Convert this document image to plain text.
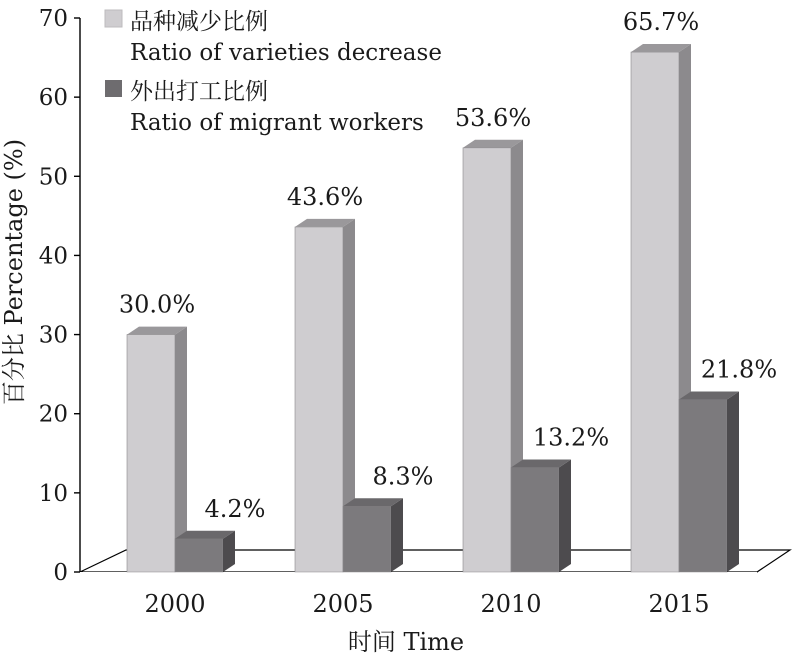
0
10
20
30
40
50
60
70
2000	2005	2010	2015
30.0%
4.2%
43.6%
8.3%
53.6%
13.2%
65.7%
21.8%
品种减少比例
Ratio of varieties decrease
外出打工比例
Ratio of migrant workers
时间 Time
百分比 Percentage (%)
